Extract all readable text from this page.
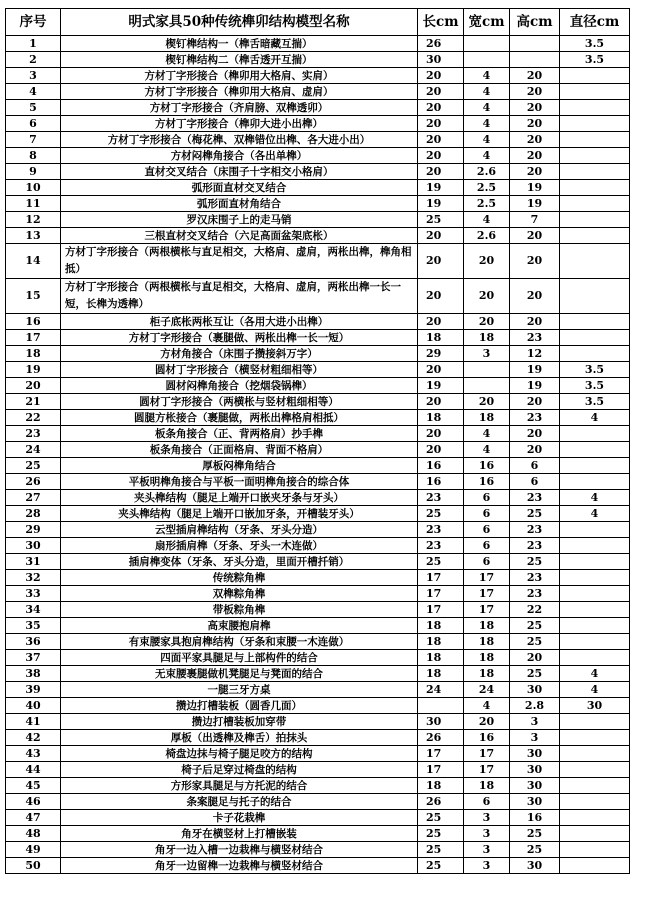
序号	明式家具50种传统榫卯结构模型名称	长cm	宽cm	高cm	直径cm
1	楔钉榫结构一（榫舌暗藏互揣）	26			3.5
2	楔钉榫结构二（榫舌透开互揣）	30			3.5
3	方材丁字形接合（榫卯用大格肩、实肩）	20	4	20	
4	方材丁字形接合（榫卯用大格肩、虚肩）	20	4	20	
5	方材丁字形接合（齐肩膀、双榫透卯）	20	4	20	
6	方材丁字形接合（榫卯大进小出榫）	20	4	20	
7	方材丁字形接合（梅花榫、双榫错位出榫、各大进小出）	20	4	20	
8	方材闷榫角接合（各出单榫）	20	4	20	
9	直材交叉结合（床围子十字相交小格肩）	20	2.6	20	
10	弧形面直材交叉结合	19	2.5	19	
11	弧形面直材角结合	19	2.5	19	
12	罗汉床围子上的走马销	25	4	7	
13	三根直材交叉结合（六足高面盆架底枨）	20	2.6	20	
14	方材丁字形接合（两根横枨与直足相交，大格肩、虚肩，两枨出榫，榫角相抵）	20	20	20	
15	方材丁字形接合（两根横枨与直足相交，大格肩、虚肩，两枨出榫一长一短，长榫为透榫）	20	20	20	
16	柜子底枨两枨互让（各用大进小出榫）	20	20	20	
17	方材丁字形接合（裹腿做、两枨出榫一长一短）	18	18	23	
18	方材角接合（床围子攒接斜万字）	29	3	12	
19	圆材丁字形接合（横竖材粗细相等）	20		19	3.5
20	圆材闷榫角接合（挖烟袋锅榫）	19		19	3.5
21	圆材丁字形接合（两横枨与竖材粗细相等）	20	20	20	3.5
22	圆腿方枨接合（裹腿做，两枨出榫格肩相抵）	18	18	23	4
23	板条角接合（正、背两格肩）抄手榫	20	4	20	
24	板条角接合（正面格肩、背面不格肩）	20	4	20	
25	厚板闷榫角结合	16	16	6	
26	平板明榫角接合与平板一面明榫角接合的综合体	16	16	6	
27	夹头榫结构（腿足上端开口嵌夹牙条与牙头）	23	6	23	4
28	夹头榫结构（腿足上端开口嵌加牙条，开槽装牙头）	25	6	25	4
29	云型插肩榫结构（牙条、牙头分造）	23	6	23	
30	扇形插肩榫（牙条、牙头一木连做）	23	6	23	
31	插肩榫变体（牙条、牙头分造，里面开槽扦销）	25	6	25	
32	传统粽角榫	17	17	23	
33	双榫粽角榫	17	17	23	
34	带板粽角榫	17	17	22	
35	高束腰抱肩榫	18	18	25	
36	有束腰家具抱肩榫结构（牙条和束腰一木连做）	18	18	25	
37	四面平家具腿足与上部构件的结合	18	18	20	
38	无束腰裹腿做机凳腿足与凳面的结合	18	18	25	4
39	一腿三牙方桌	24	24	30	4
40	攒边打槽装板（圆香几面）		4	2.8	30
41	攒边打槽装板加穿带	30	20	3	
42	厚板（出透榫及榫舌）拍抹头	26	16	3	
43	椅盘边抹与椅子腿足咬方的结构	17	17	30	
44	椅子后足穿过椅盘的结构	17	17	30	
45	方形家具腿足与方托泥的结合	18	18	30	
46	条案腿足与托子的结合	26	6	30	
47	卡子花栽榫	25	3	16	
48	角牙在横竖材上打槽嵌装	25	3	25	
49	角牙一边入槽一边栽榫与横竖材结合	25	3	25	
50	角牙一边留榫一边栽榫与横竖材结合	25	3	30	
